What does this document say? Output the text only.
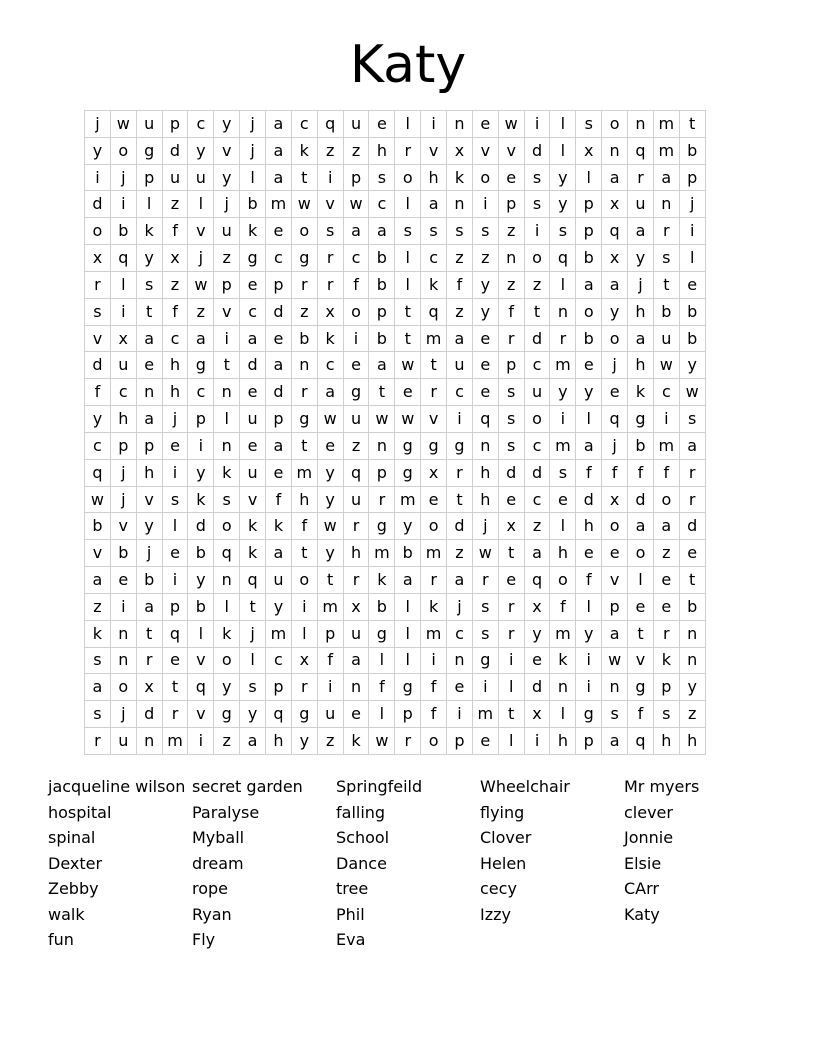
Katy
j	w	u	p	c	y	j	a	c	q	u	e	l	i	n	e	w	i	l	s	o	n	m	t
y	o	g	d	y	v	j	a	k	z	z	h	r	v	x	v	v	d	l	x	n	q	m	b
i	j	p	u	u	y	l	a	t	i	p	s	o	h	k	o	e	s	y	l	a	r	a	p
d	i	l	z	l	j	b	m	w	v	w	c	l	a	n	i	p	s	y	p	x	u	n	j
o	b	k	f	v	u	k	e	o	s	a	a	s	s	s	s	z	i	s	p	q	a	r	i
x	q	y	x	j	z	g	c	g	r	c	b	l	c	z	z	n	o	q	b	x	y	s	l
r	l	s	z	w	p	e	p	r	r	f	b	l	k	f	y	z	z	l	a	a	j	t	e
s	i	t	f	z	v	c	d	z	x	o	p	t	q	z	y	f	t	n	o	y	h	b	b
v	x	a	c	a	i	a	e	b	k	i	b	t	m	a	e	r	d	r	b	o	a	u	b
d	u	e	h	g	t	d	a	n	c	e	a	w	t	u	e	p	c	m	e	j	h	w	y
f	c	n	h	c	n	e	d	r	a	g	t	e	r	c	e	s	u	y	y	e	k	c	w
y	h	a	j	p	l	u	p	g	w	u	w	w	v	i	q	s	o	i	l	q	g	i	s
c	p	p	e	i	n	e	a	t	e	z	n	g	g	g	n	s	c	m	a	j	b	m	a
q	j	h	i	y	k	u	e	m	y	q	p	g	x	r	h	d	d	s	f	f	f	f	r
w	j	v	s	k	s	v	f	h	y	u	r	m	e	t	h	e	c	e	d	x	d	o	r
b	v	y	l	d	o	k	k	f	w	r	g	y	o	d	j	x	z	l	h	o	a	a	d
v	b	j	e	b	q	k	a	t	y	h	m	b	m	z	w	t	a	h	e	e	o	z	e
a	e	b	i	y	n	q	u	o	t	r	k	a	r	a	r	e	q	o	f	v	l	e	t
z	i	a	p	b	l	t	y	i	m	x	b	l	k	j	s	r	x	f	l	p	e	e	b
k	n	t	q	l	k	j	m	l	p	u	g	l	m	c	s	r	y	m	y	a	t	r	n
s	n	r	e	v	o	l	c	x	f	a	l	l	i	n	g	i	e	k	i	w	v	k	n
a	o	x	t	q	y	s	p	r	i	n	f	g	f	e	i	l	d	n	i	n	g	p	y
s	j	d	r	v	g	y	q	g	u	e	l	p	f	i	m	t	x	l	g	s	f	s	z
r	u	n	m	i	z	a	h	y	z	k	w	r	o	p	e	l	i	h	p	a	q	h	h
jacqueline wilson
hospital
spinal
Dexter
Zebby
walk
fun
secret garden
Paralyse
Myball
dream
rope
Ryan
Fly
Springfeild
falling
School
Dance
tree
Phil
Eva
Wheelchair
flying
Clover
Helen
cecy
Izzy
Mr myers
clever
Jonnie
Elsie
CArr
Katy
